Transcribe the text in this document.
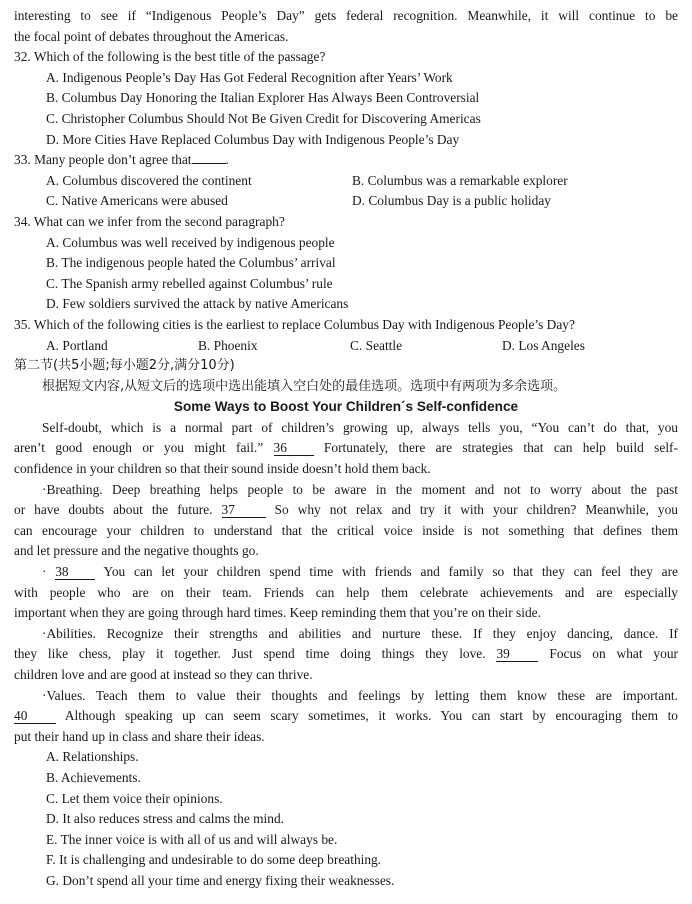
interesting to see if “Indigenous People’s Day” gets federal recognition. Meanwhile, it will continue to be
the focal point of debates throughout the Americas.
32. Which of the following is the best title of the passage?
A. Indigenous People’s Day Has Got Federal Recognition after Years’ Work
B. Columbus Day Honoring the Italian Explorer Has Always Been Controversial
C. Christopher Columbus Should Not Be Given Credit for Discovering Americas
D. More Cities Have Replaced Columbus Day with Indigenous People’s Day
33. Many people don’t agree that	.
A. Columbus discovered the continent	B. Columbus was a remarkable explorer
C. Native Americans were abused	D. Columbus Day is a public holiday
34. What can we infer from the second paragraph?
A. Columbus was well received by indigenous people
B. The indigenous people hated the Columbus’ arrival
C. The Spanish army rebelled against Columbus’ rule
D. Few soldiers survived the attack by native Americans
35. Which of the following cities is the earliest to replace Columbus Day with Indigenous People’s Day?
A. Portland	B. Phoenix	C. Seattle	D. Los Angeles
第二节(共5小题;每小题2分,满分10分)
根据短文内容,从短文后的选项中选出能填入空白处的最佳选项。选项中有两项为多余选项。
Some Ways to Boost Your Children´s Self-confidence
Self-doubt, which is a normal part of children’s growing up, always tells you, “You can’t do that, you
aren’t good enough or you might fail.” 36	Fortunately, there are strategies that can help build self-
confidence in your children so that their sound inside doesn’t hold them back.
·Breathing. Deep breathing helps people to be aware in the moment and not to worry about the past
or have doubts about the future. 37	So why not relax and try it with your children? Meanwhile, you
can encourage your children to understand that the critical voice inside is not something that defines them
and let pressure and the negative thoughts go.
· 38	You can let your children spend time with friends and family so that they can feel they are
with people who are on their team. Friends can help them celebrate achievements and are especially
important when they are going through hard times. Keep reminding them that you’re on their side.
·Abilities. Recognize their strengths and abilities and nurture these. If they enjoy dancing, dance. If
they like chess, play it together. Just spend time doing things they love. 39	Focus on what your
children love and are good at instead so they can thrive.
·Values. Teach them to value their thoughts and feelings by letting them know these are important.
40	Although speaking up can seem scary sometimes, it works. You can start by encouraging them to
put their hand up in class and share their ideas.
A. Relationships.
B. Achievements.
C. Let them voice their opinions.
D. It also reduces stress and calms the mind.
E. The inner voice is with all of us and will always be.
F. It is challenging and undesirable to do some deep breathing.
G. Don’t spend all your time and energy fixing their weaknesses.
